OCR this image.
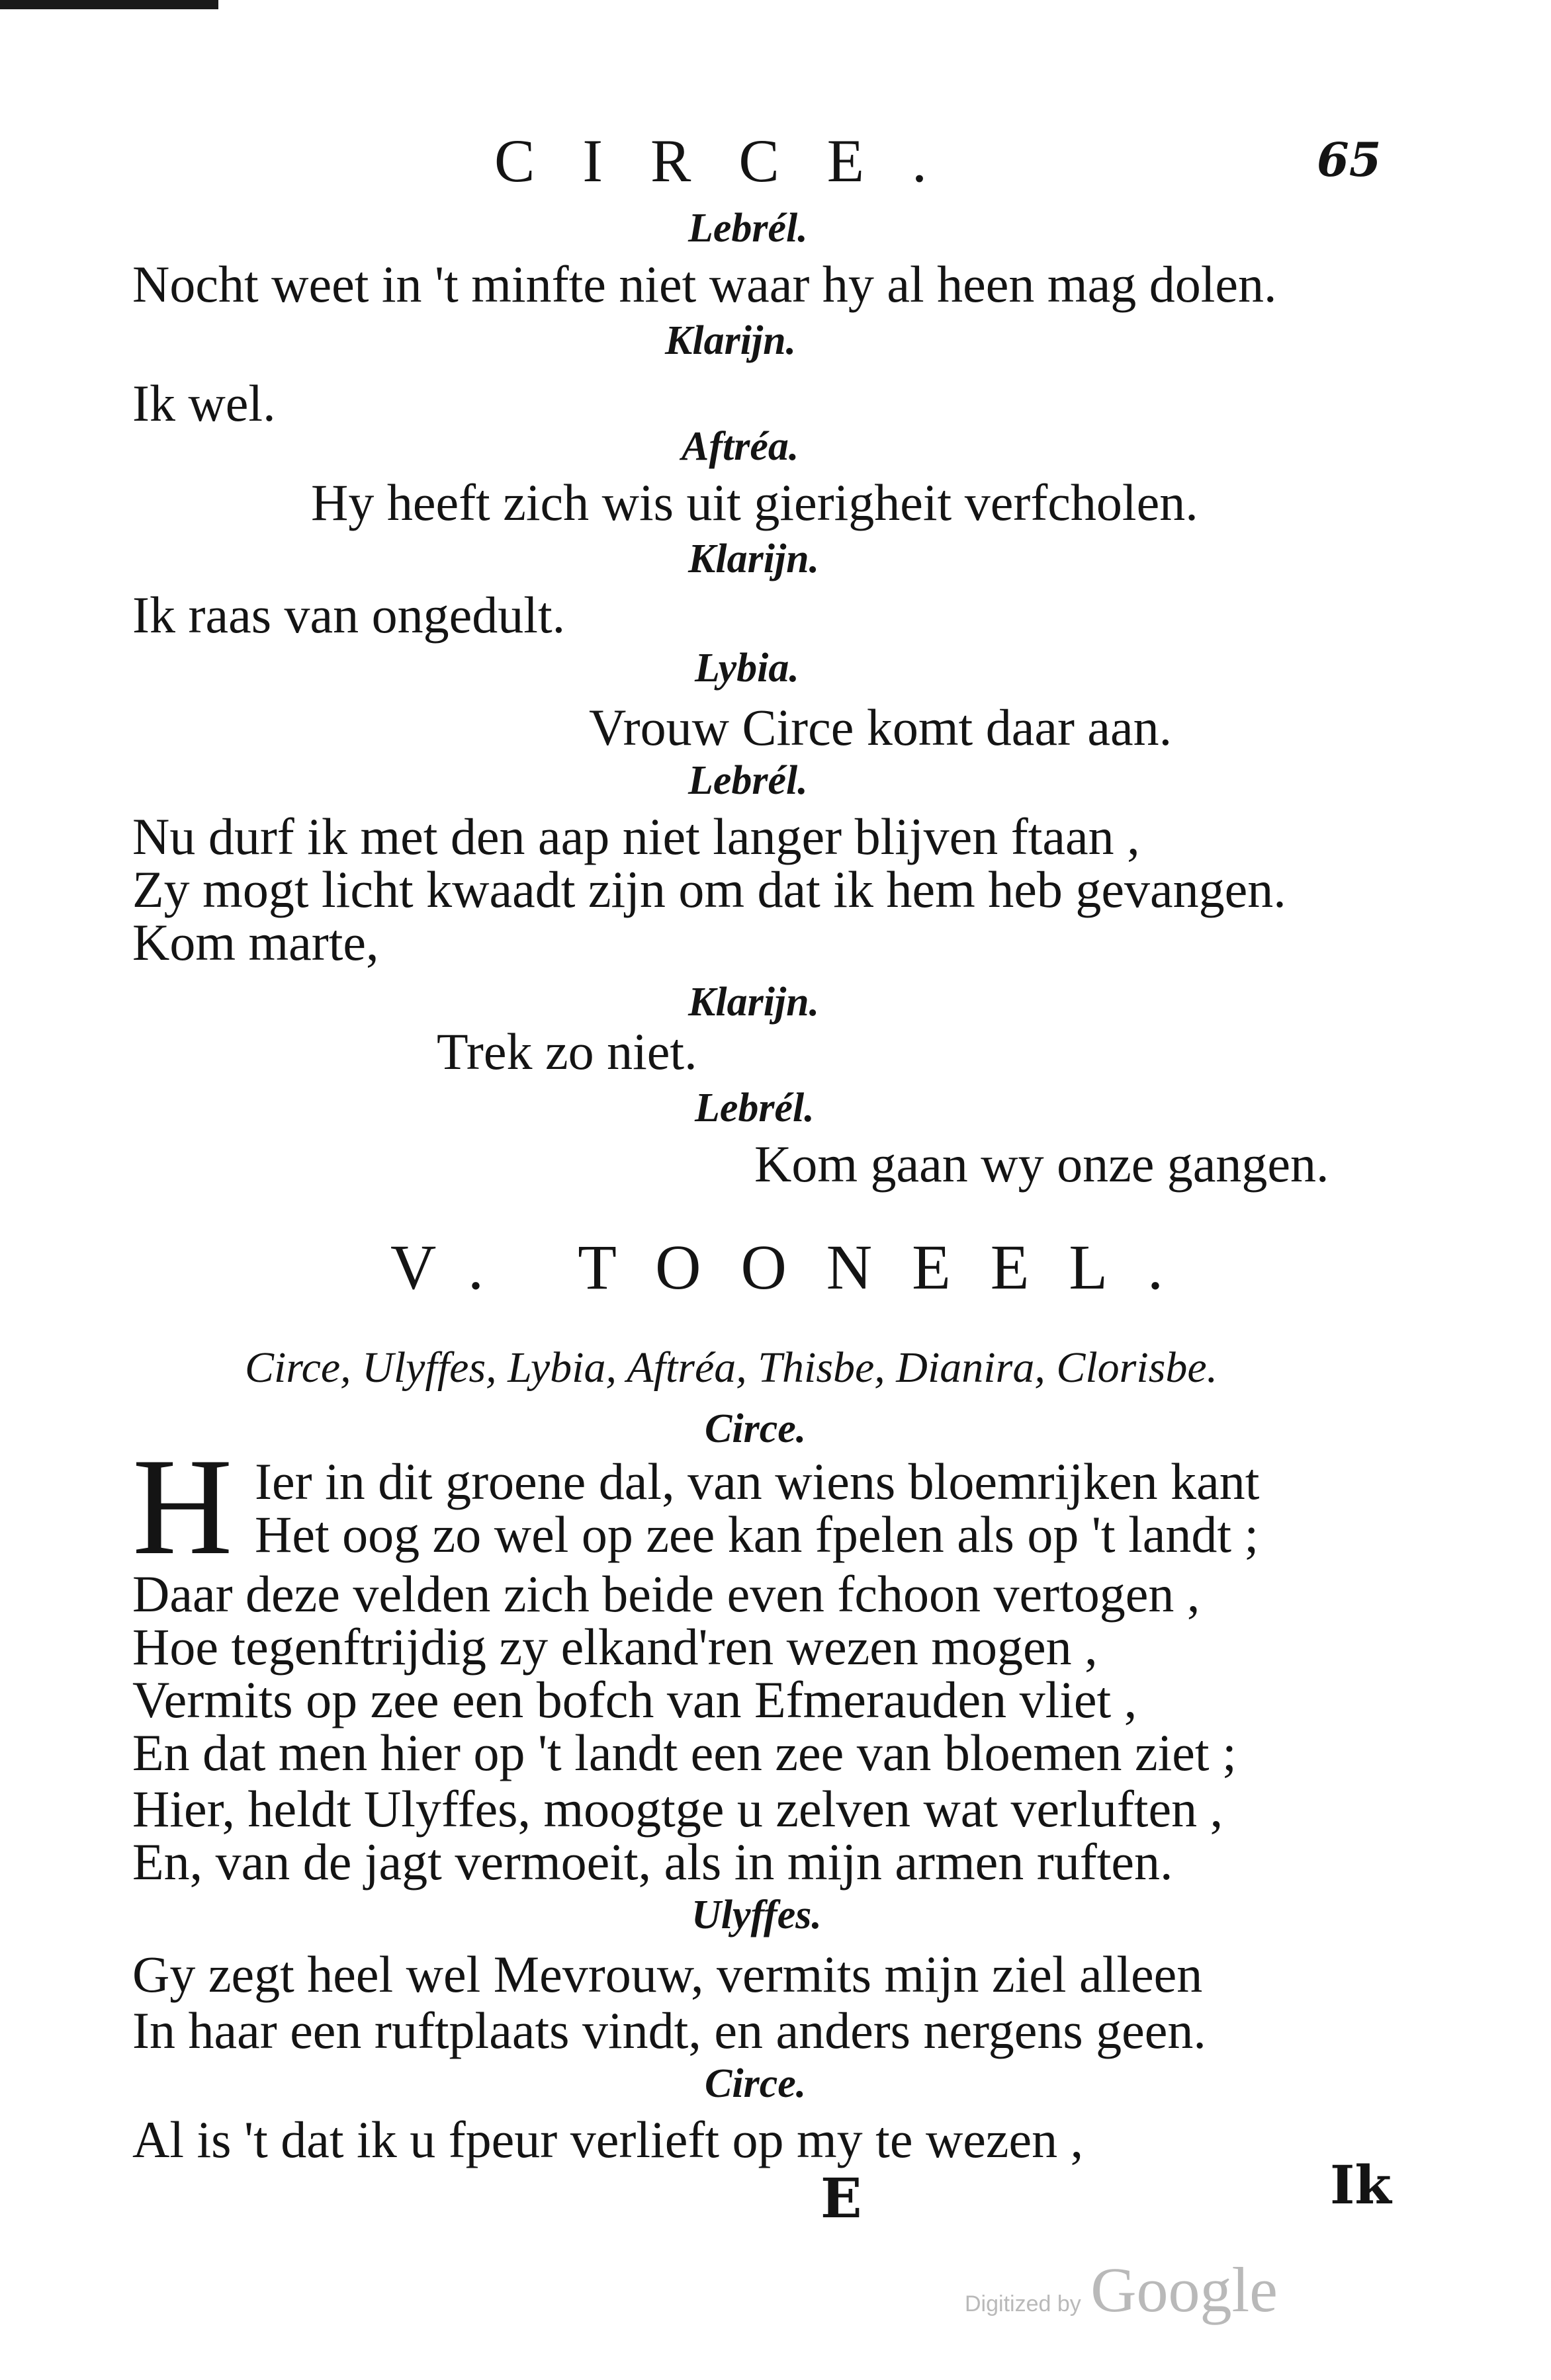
CIRCE.	65
Lebrél.
Nocht weet in 't minfte niet waar hy al heen mag dolen.
Klarijn.
Ik wel.
Aftréa.
Hy heeft zich wis uit gierigheit verfcholen.
Klarijn.
Ik raas van ongedult.
Lybia.
Vrouw Circe komt daar aan.
Lebrél.
Nu durf ik met den aap niet langer blijven ftaan ,
Zy mogt licht kwaadt zijn om dat ik hem heb gevangen.
Kom marte,
Klarijn.
Trek zo niet.
Lebrél.
Kom gaan wy onze gangen.
V. TOONEEL.
Circe, Ulyffes, Lybia, Aftréa, Thisbe, Dianira, Clorisbe.
Circe.
Ier in dit groene dal, van wiens bloemrijken kant
Het oog zo wel op zee kan fpelen als op 't landt ;
Daar deze velden zich beide even fchoon vertogen ,
Hoe tegenftrijdig zy elkand'ren wezen mogen ,
Vermits op zee een bofch van Efmerauden vliet ,
En dat men hier op 't landt een zee van bloemen ziet ;
Hier, heldt Ulyffes, moogtge u zelven wat verluften ,
En, van de jagt vermoeit, als in mijn armen ruften.
Ulyffes.
Gy zegt heel wel Mevrouw, vermits mijn ziel alleen
In haar een ruftplaats vindt, en anders nergens geen.
Circe.
Al is 't dat ik u fpeur verlieft op my te wezen ,
H
E	Ik
Digitized by Google
